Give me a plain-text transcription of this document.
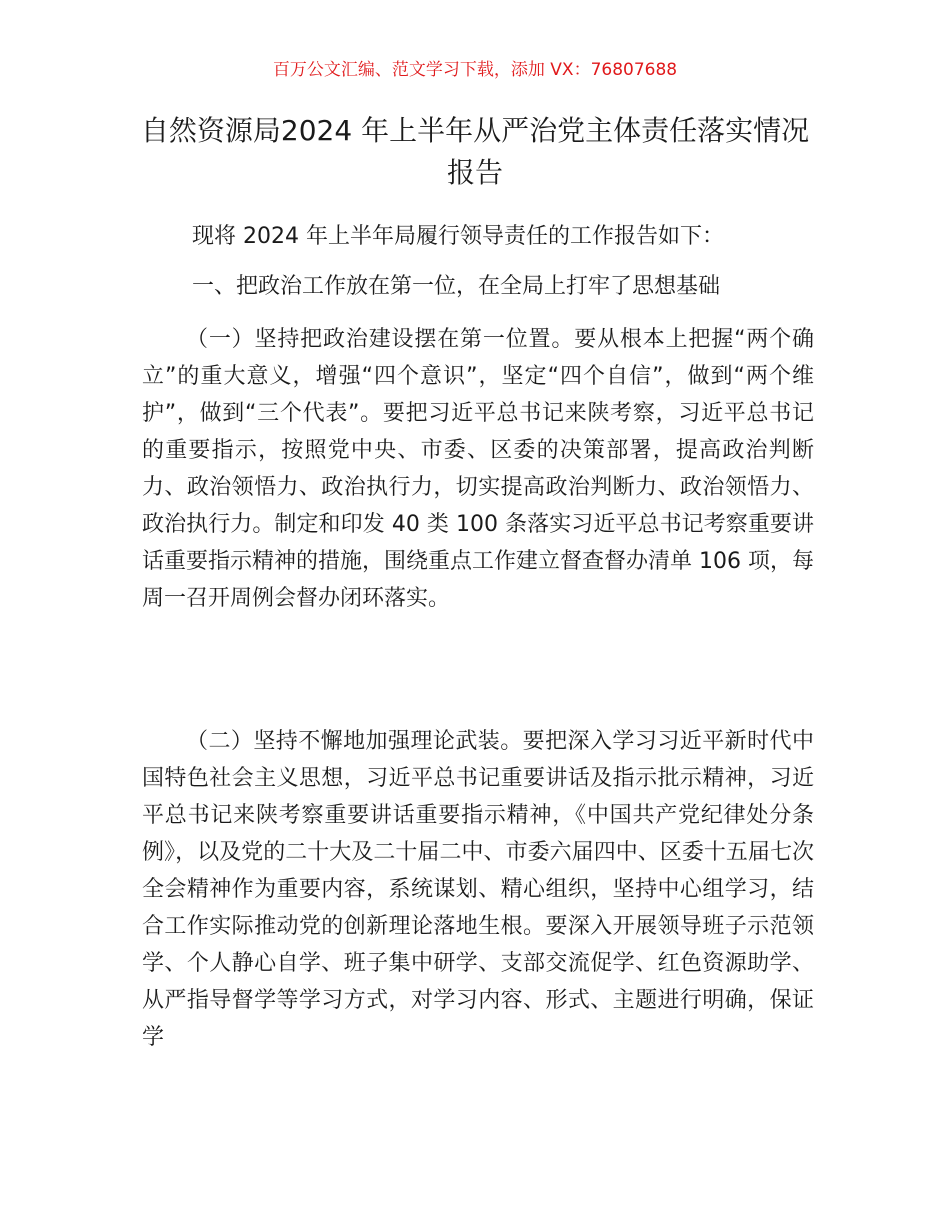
百万公文汇编、范文学习下载，添加 VX：76807688
自然资源局2024 年上半年从严治党主体责任落实情况报告

现将 2024 年上半年局履行领导责任的工作报告如下：

一、把政治工作放在第一位，在全局上打牢了思想基础

（一）坚持把政治建设摆在第一位置。要从根本上把握“两个确立”的重大意义，增强“四个意识”，坚定“四个自信”，做到“两个维护”，做到“三个代表”。要把习近平总书记来陕考察，习近平总书记的重要指示，按照党中央、市委、区委的决策部署，提高政治判断力、政治领悟力、政治执行力，切实提高政治判断力、政治领悟力、政治执行力。制定和印发 40 类 100 条落实习近平总书记考察重要讲话重要指示精神的措施，围绕重点工作建立督查督办清单 106 项，每周一召开周例会督办闭环落实。

（二）坚持不懈地加强理论武装。要把深入学习习近平新时代中国特色社会主义思想，习近平总书记重要讲话及指示批示精神，习近平总书记来陕考察重要讲话重要指示精神，《中国共产党纪律处分条例》，以及党的二十大及二十届二中、市委六届四中、区委十五届七次全会精神作为重要内容，系统谋划、精心组织，坚持中心组学习，结合工作实际推动党的创新理论落地生根。要深入开展领导班子示范领学、个人静心自学、班子集中研学、支部交流促学、红色资源助学、从严指导督学等学习方式，对学习内容、形式、主题进行明确，保证学
